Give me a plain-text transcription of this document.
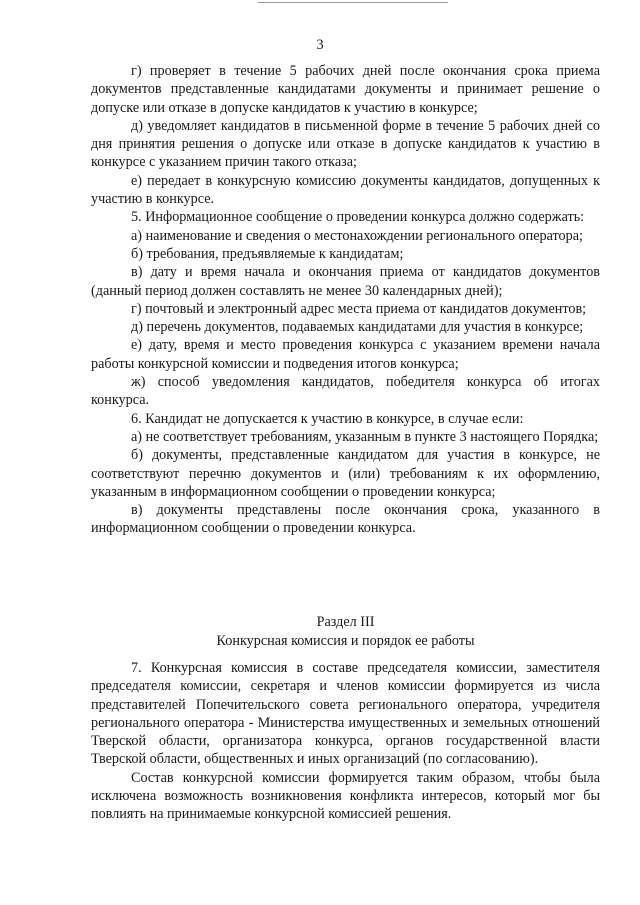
3

г) проверяет в течение 5 рабочих дней после окончания срока приема документов представленные кандидатами документы и принимает решение о допуске или отказе в допуске кандидатов к участию в конкурсе;

д) уведомляет кандидатов в письменной форме в течение 5 рабочих дней со дня принятия решения о допуске или отказе в допуске кандидатов к участию в конкурсе с указанием причин такого отказа;

е) передает в конкурсную комиссию документы кандидатов, допущенных к участию в конкурсе.

5. Информационное сообщение о проведении конкурса должно содержать:

а) наименование и сведения о местонахождении регионального оператора;

б) требования, предъявляемые к кандидатам;

в) дату и время начала и окончания приема от кандидатов документов (данный период должен составлять не менее 30 календарных дней);

г) почтовый и электронный адрес места приема от кандидатов документов;

д) перечень документов, подаваемых кандидатами для участия в конкурсе;

е) дату, время и место проведения конкурса с указанием времени начала работы конкурсной комиссии и подведения итогов конкурса;

ж) способ уведомления кандидатов, победителя конкурса об итогах конкурса.

6. Кандидат не допускается к участию в конкурсе, в случае если:

а) не соответствует требованиям, указанным в пункте 3 настоящего Порядка;

б) документы, представленные кандидатом для участия в конкурсе, не соответствуют перечню документов и (или) требованиям к их оформлению, указанным в информационном сообщении о проведении конкурса;

в) документы представлены после окончания срока, указанного в информационном сообщении о проведении конкурса.

Раздел III
Конкурсная комиссия и порядок ее работы

7. Конкурсная комиссия в составе председателя комиссии, заместителя председателя комиссии, секретаря и членов комиссии формируется из числа представителей Попечительского совета регионального оператора, учредителя регионального оператора - Министерства имущественных и земельных отношений Тверской области, организатора конкурса, органов государственной власти Тверской области, общественных и иных организаций (по согласованию).

Состав конкурсной комиссии формируется таким образом, чтобы была исключена возможность возникновения конфликта интересов, который мог бы повлиять на принимаемые конкурсной комиссией решения.
